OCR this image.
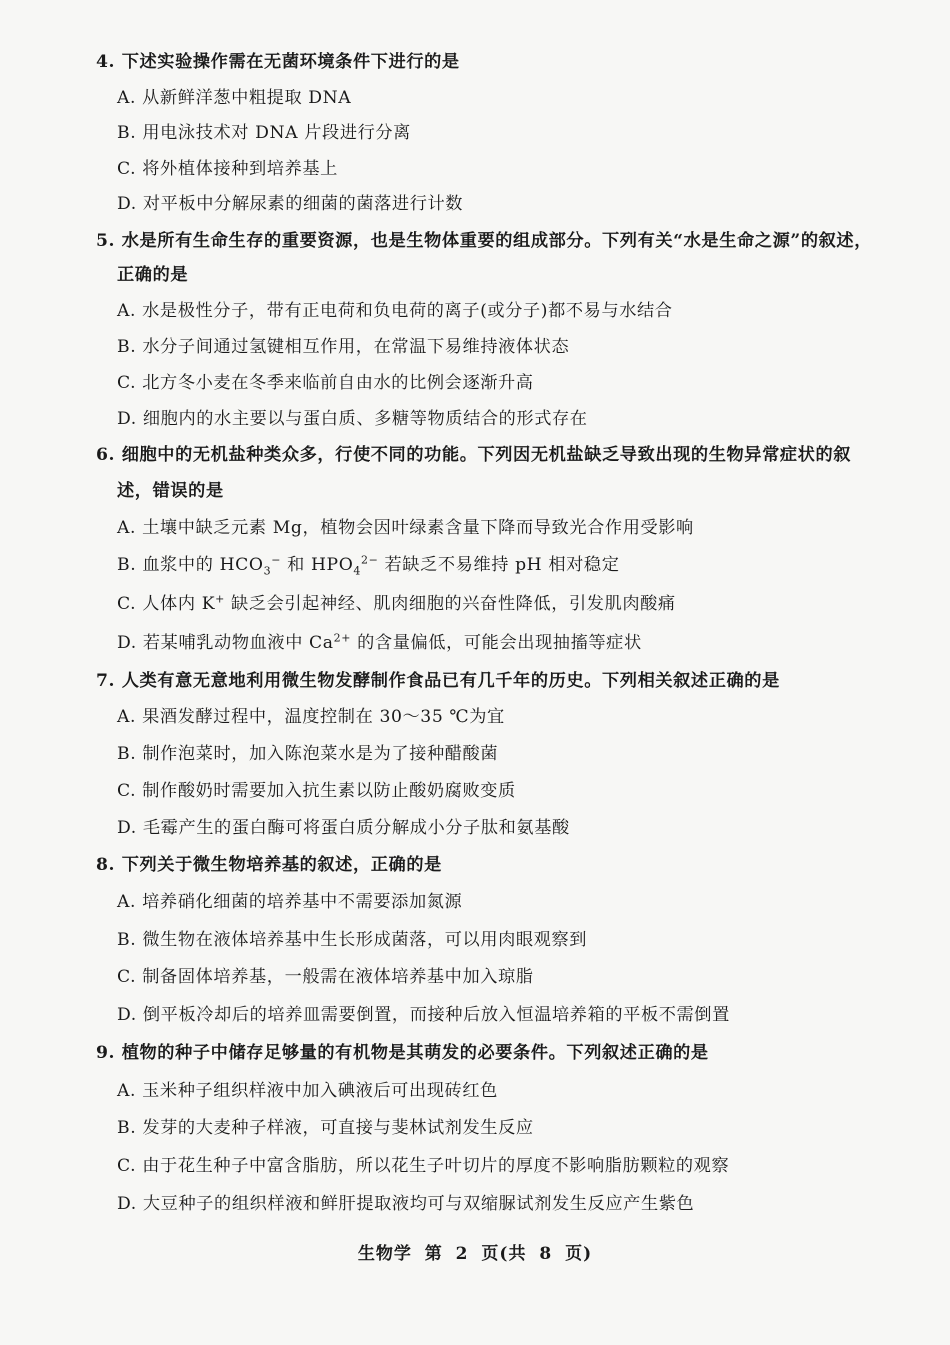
4. 下述实验操作需在无菌环境条件下进行的是
A. 从新鲜洋葱中粗提取 DNA
B. 用电泳技术对 DNA 片段进行分离
C. 将外植体接种到培养基上
D. 对平板中分解尿素的细菌的菌落进行计数
5. 水是所有生命生存的重要资源，也是生物体重要的组成部分。下列有关“水是生命之源”的叙述，
正确的是
A. 水是极性分子，带有正电荷和负电荷的离子(或分子)都不易与水结合
B. 水分子间通过氢键相互作用，在常温下易维持液体状态
C. 北方冬小麦在冬季来临前自由水的比例会逐渐升高
D. 细胞内的水主要以与蛋白质、多糖等物质结合的形式存在
6. 细胞中的无机盐种类众多，行使不同的功能。下列因无机盐缺乏导致出现的生物异常症状的叙
述，错误的是
A. 土壤中缺乏元素 Mg，植物会因叶绿素含量下降而导致光合作用受影响
B. 血浆中的 $HCO_3^-$ 和 $HPO_4^{2-}$ 若缺乏不易维持 pH 相对稳定
C. 人体内 K+ 缺乏会引起神经、肌肉细胞的兴奋性降低，引发肌肉酸痛
D. 若某哺乳动物血液中 $Ca^{2+}$ 的含量偏低，可能会出现抽搐等症状
7. 人类有意无意地利用微生物发酵制作食品已有几千年的历史。下列相关叙述正确的是
A. 果酒发酵过程中，温度控制在 30～35 ℃为宜
B. 制作泡菜时，加入陈泡菜水是为了接种醋酸菌
C. 制作酸奶时需要加入抗生素以防止酸奶腐败变质
D. 毛霉产生的蛋白酶可将蛋白质分解成小分子肽和氨基酸
8. 下列关于微生物培养基的叙述，正确的是
A. 培养硝化细菌的培养基中不需要添加氮源
B. 微生物在液体培养基中生长形成菌落，可以用肉眼观察到
C. 制备固体培养基，一般需在液体培养基中加入琼脂
D. 倒平板冷却后的培养皿需要倒置，而接种后放入恒温培养箱的平板不需倒置
9. 植物的种子中储存足够量的有机物是其萌发的必要条件。下列叙述正确的是
A. 玉米种子组织样液中加入碘液后可出现砖红色
B. 发芽的大麦种子样液，可直接与斐林试剂发生反应
C. 由于花生种子中富含脂肪，所以花生子叶切片的厚度不影响脂肪颗粒的观察
D. 大豆种子的组织样液和鲜肝提取液均可与双缩脲试剂发生反应产生紫色
生物学 第 2 页(共 8 页)
